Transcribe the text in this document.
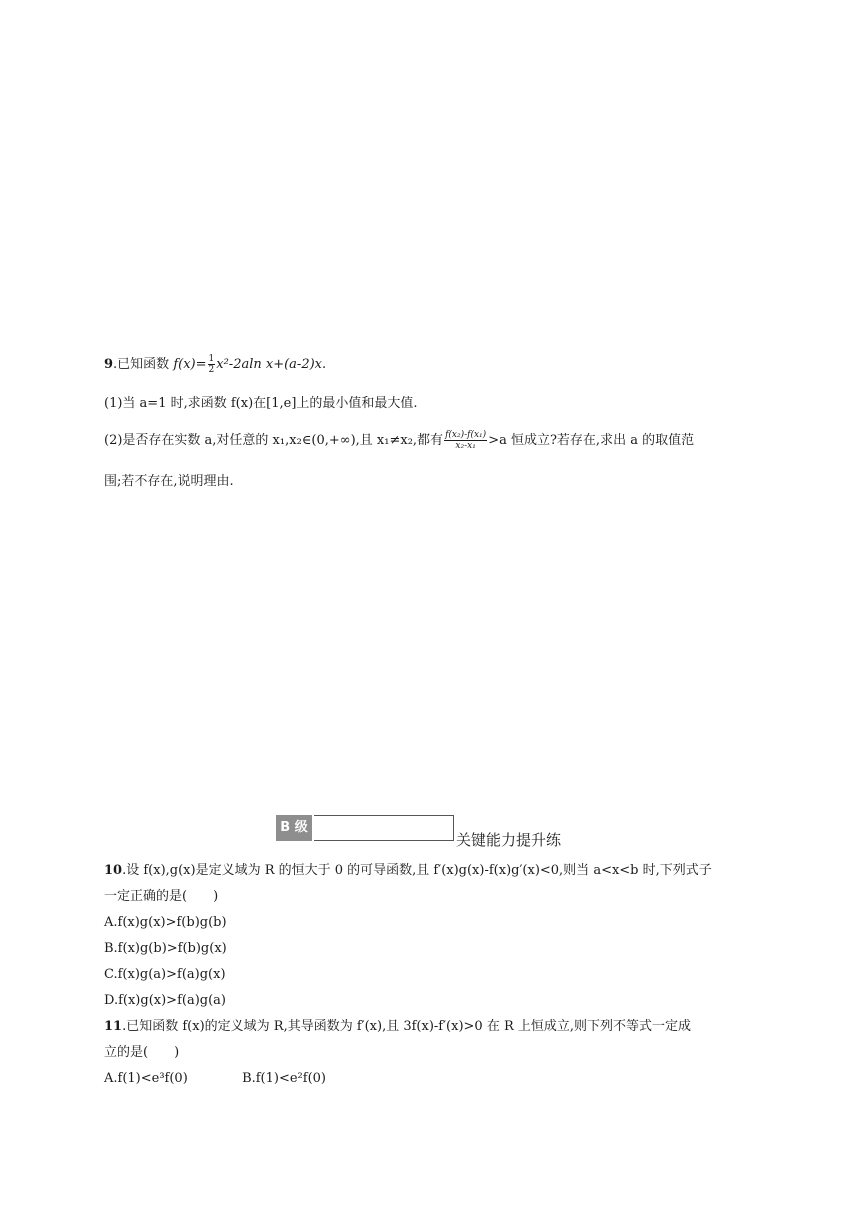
9.已知函数 $f(x)= \frac{1}{2} x^2-2aln$ x+(a-2)x.
(1)当 a=1 时,求函数 f(x)在[1,e]上的最小值和最大值.
(2)是否存在实数 a,对任意的 x₁,x₂∈(0,+∞),且 x₁≠x₂,都有 $\frac{\text{f(x₂)-f(x₁)}}{\text{x₂-x₁}} >a$ 恒成立?若存在,求出 a 的取值范
围;若不存在,说明理由.
B 级
关键能力提升练
10.设 f(x),g(x)是定义域为 R 的恒大于 0 的可导函数,且 f′(x)g(x)-f(x)g′(x)<0,则当 a<x<b 时,下列式子
一定正确的是(　　)
A.f(x)g(x)>f(b)g(b)
B.f(x)g(b)>f(b)g(x)
C.f(x)g(a)>f(a)g(x)
D.f(x)g(x)>f(a)g(a)
11.已知函数 f(x)的定义域为 R,其导函数为 f′(x),且 3f(x)-f′(x)>0 在 R 上恒成立,则下列不等式一定成
立的是(　　)
A.f(1)<e³f(0)	B.f(1)<e²f(0)
